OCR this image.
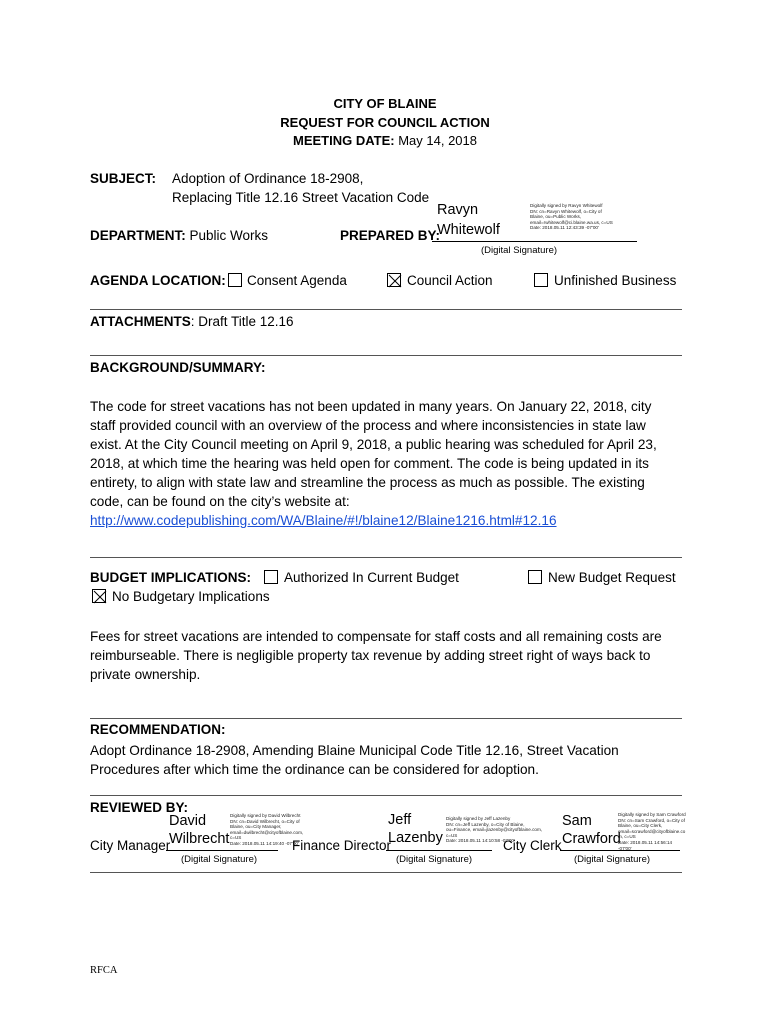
CITY OF BLAINE
REQUEST FOR COUNCIL ACTION
MEETING DATE: May 14, 2018
SUBJECT: Adoption of Ordinance 18-2908,
Replacing Title 12.16 Street Vacation Code
DEPARTMENT: Public Works	PREPARED BY:
Ravyn
Whitewolf
Digitally signed by Ravyn Whitewolf
DN: cn=Ravyn Whitewolf, o=City of
Blaine, ou=Public Works,
email=rwhitewolf@ci.blaine.wa.us, c=US
Date: 2018.05.11 12:43:39 -07'00'
(Digital Signature)
AGENDA LOCATION: Consent Agenda	Council Action	Unfinished Business
ATTACHMENTS: Draft Title 12.16
BACKGROUND/SUMMARY:
The code for street vacations has not been updated in many years. On January 22, 2018, city
staff provided council with an overview of the process and where inconsistencies in state law
exist. At the City Council meeting on April 9, 2018, a public hearing was scheduled for April 23,
2018, at which time the hearing was held open for comment. The code is being updated in its
entirety, to align with state law and streamline the process as much as possible. The existing
code, can be found on the city’s website at:
http://www.codepublishing.com/WA/Blaine/#!/blaine12/Blaine1216.html#12.16
BUDGET IMPLICATIONS: Authorized In Current Budget	New Budget Request
No Budgetary Implications
Fees for street vacations are intended to compensate for staff costs and all remaining costs are
reimburseable. There is negligible property tax revenue by adding street right of ways back to
private ownership.
RECOMMENDATION:
Adopt Ordinance 18-2908, Amending Blaine Municipal Code Title 12.16, Street Vacation
Procedures after which time the ordinance can be considered for adoption.
REVIEWED BY:
City Manager
David
Wilbrecht
Digitally signed by David Wilbrecht
DN: cn=David Wilbrecht, o=City of
Blaine, ou=City Manager,
email=dwilbrecht@cityofblaine.com,
c=US
Date: 2018.05.11 14:19:40 -07'00'
(Digital Signature)
Finance Director
Jeff
Lazenby
Digitally signed by Jeff Lazenby
DN: cn=Jeff Lazenby, o=City of Blaine,
ou=Finance, email=jlazenby@cityofblaine.com,
c=US
Date: 2018.05.11 14:10:58 -07'00'
(Digital Signature)
City Clerk
Sam
Crawford
Digitally signed by Sam Crawford
DN: cn=Sam Crawford, o=City of
Blaine, ou=City Clerk,
email=scrawford@cityofblaine.co
m, c=US
Date: 2018.05.11 14:56:14
-07'00'
(Digital Signature)
RFCA
